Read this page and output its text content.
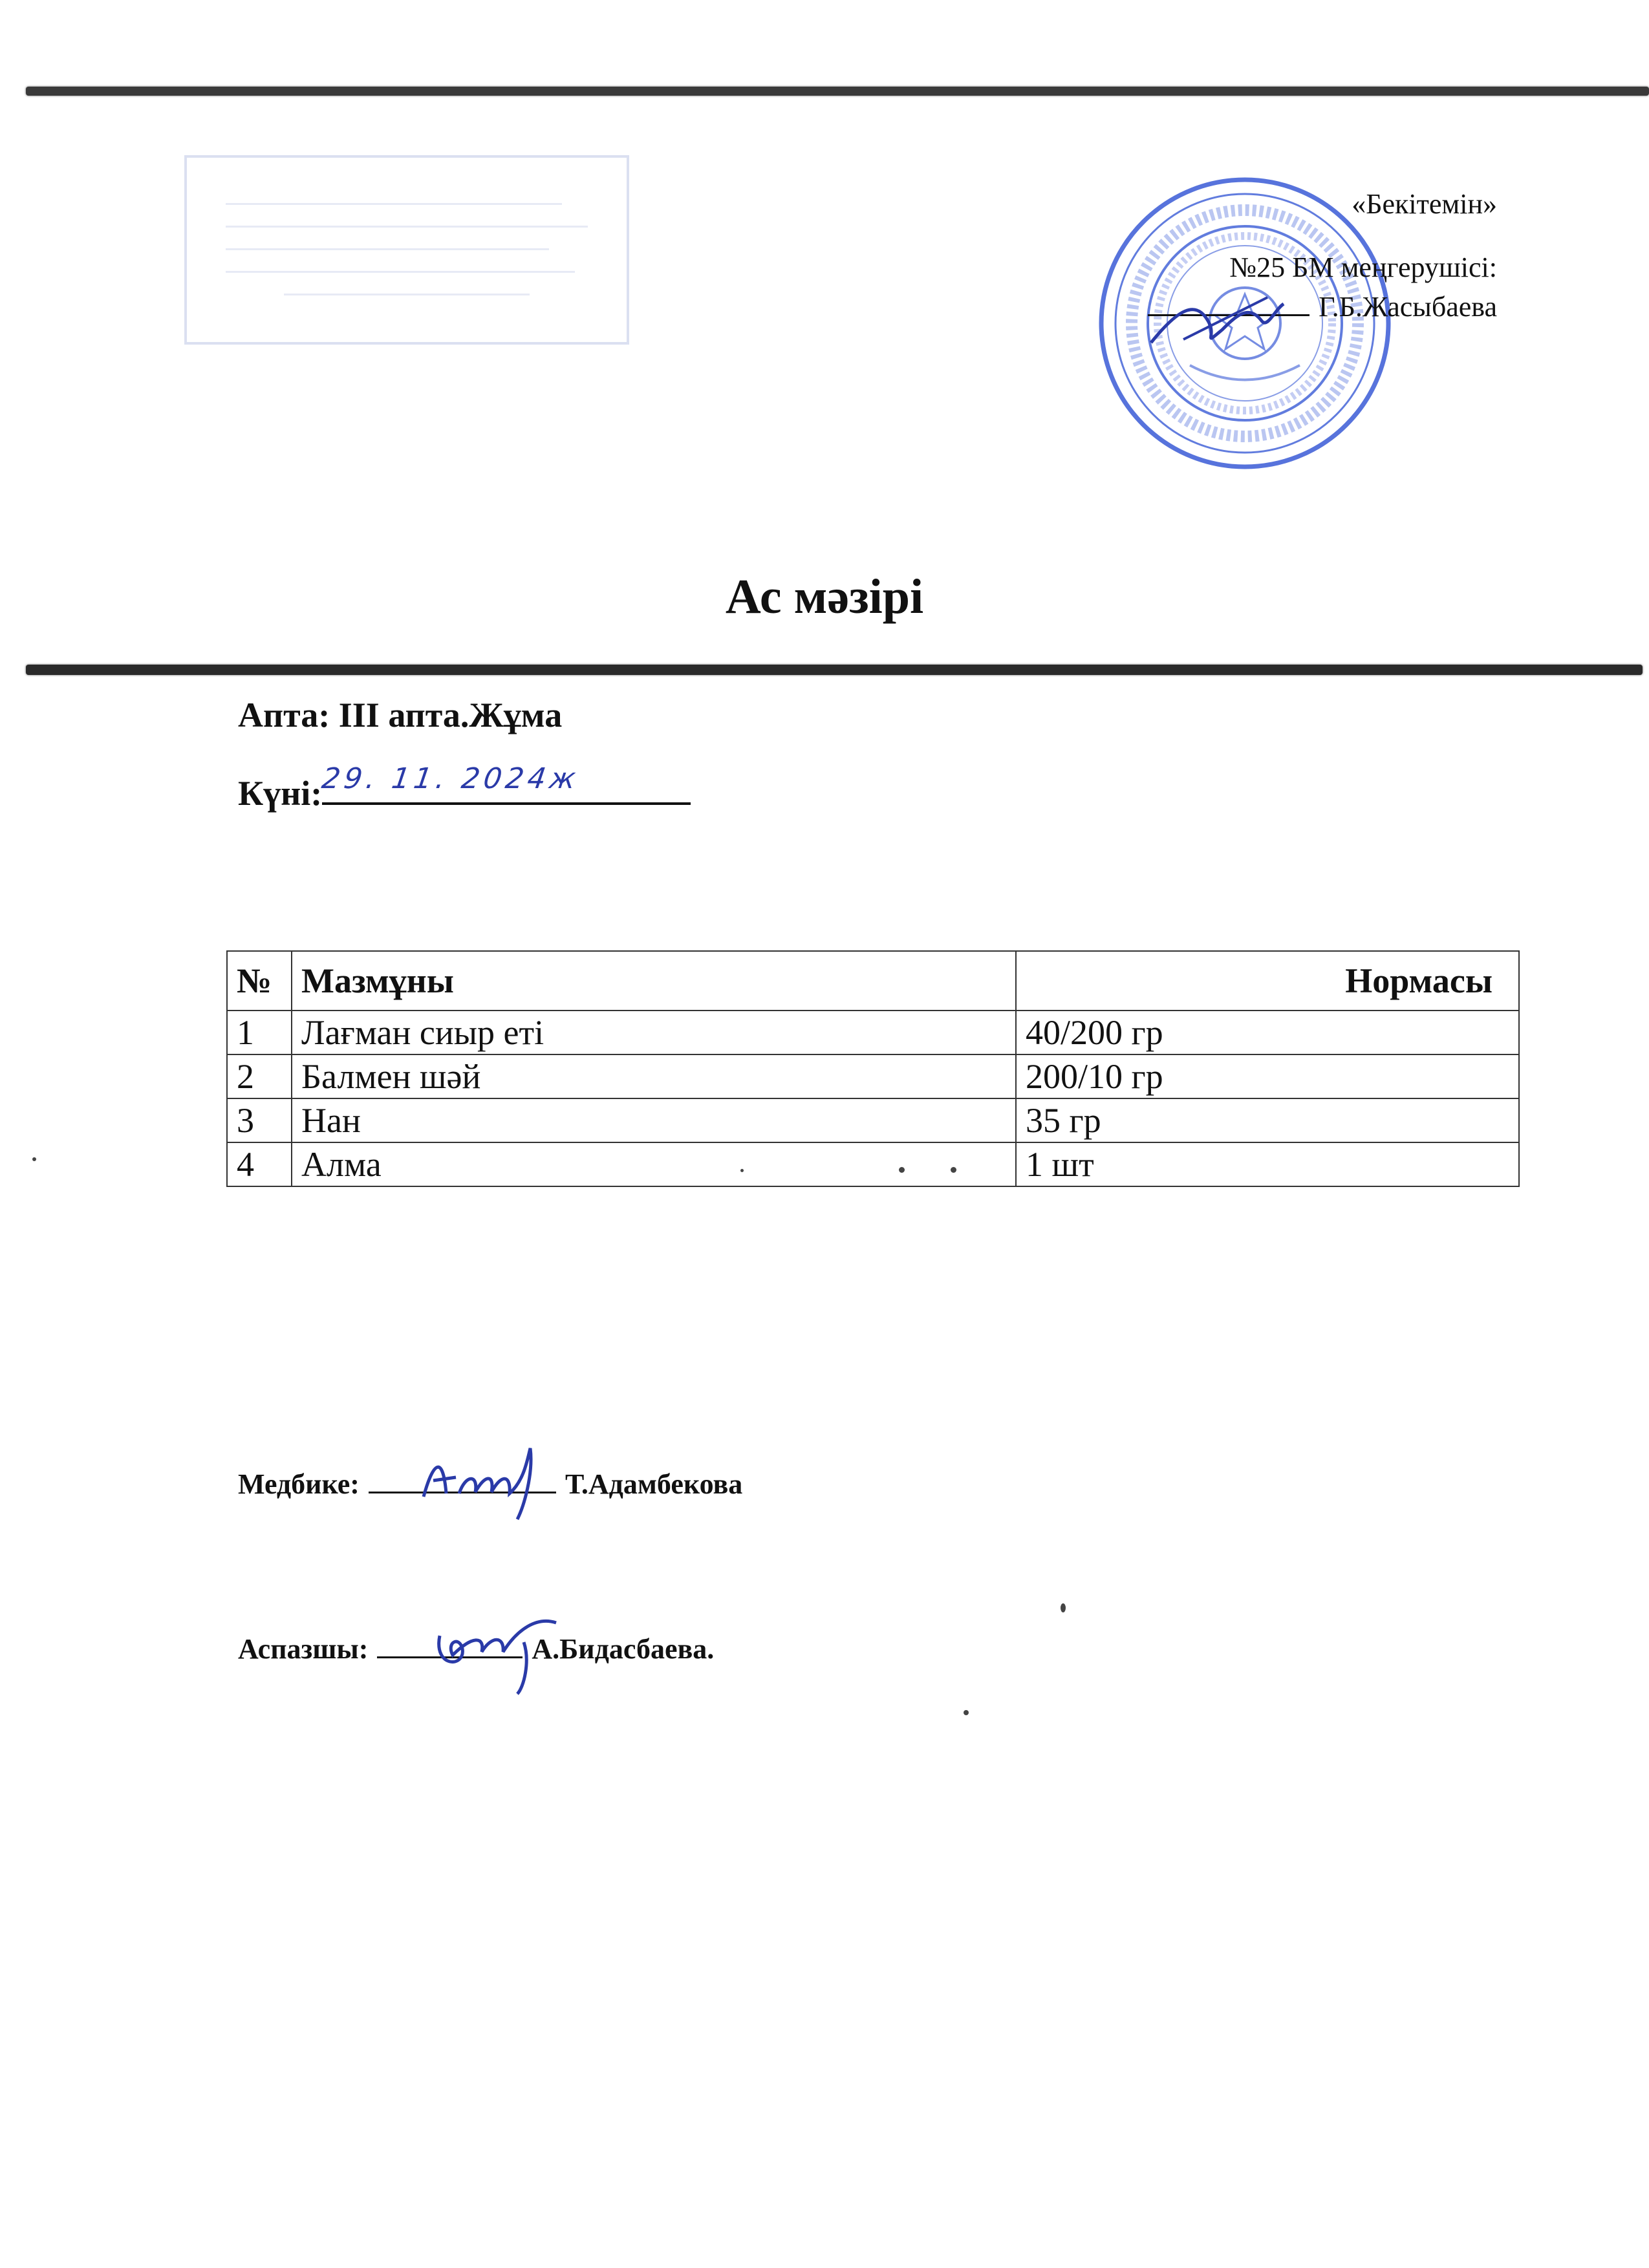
«Бекітемін»
№25 БМ меңгерушісі:
Г.Б.Жасыбаева
Ас мәзірі
Апта: III апта.Жұма
Күні:
29. 11. 2024ж
№	Мазмұны	Нормасы
1	Лағман сиыр еті	40/200 гр
2	Балмен шәй	200/10 гр
3	Нан	35 гр
4	Алма	1 шт
Медбике:	Т.Адамбекова
Аспазшы:	А.Бидасбаева.
